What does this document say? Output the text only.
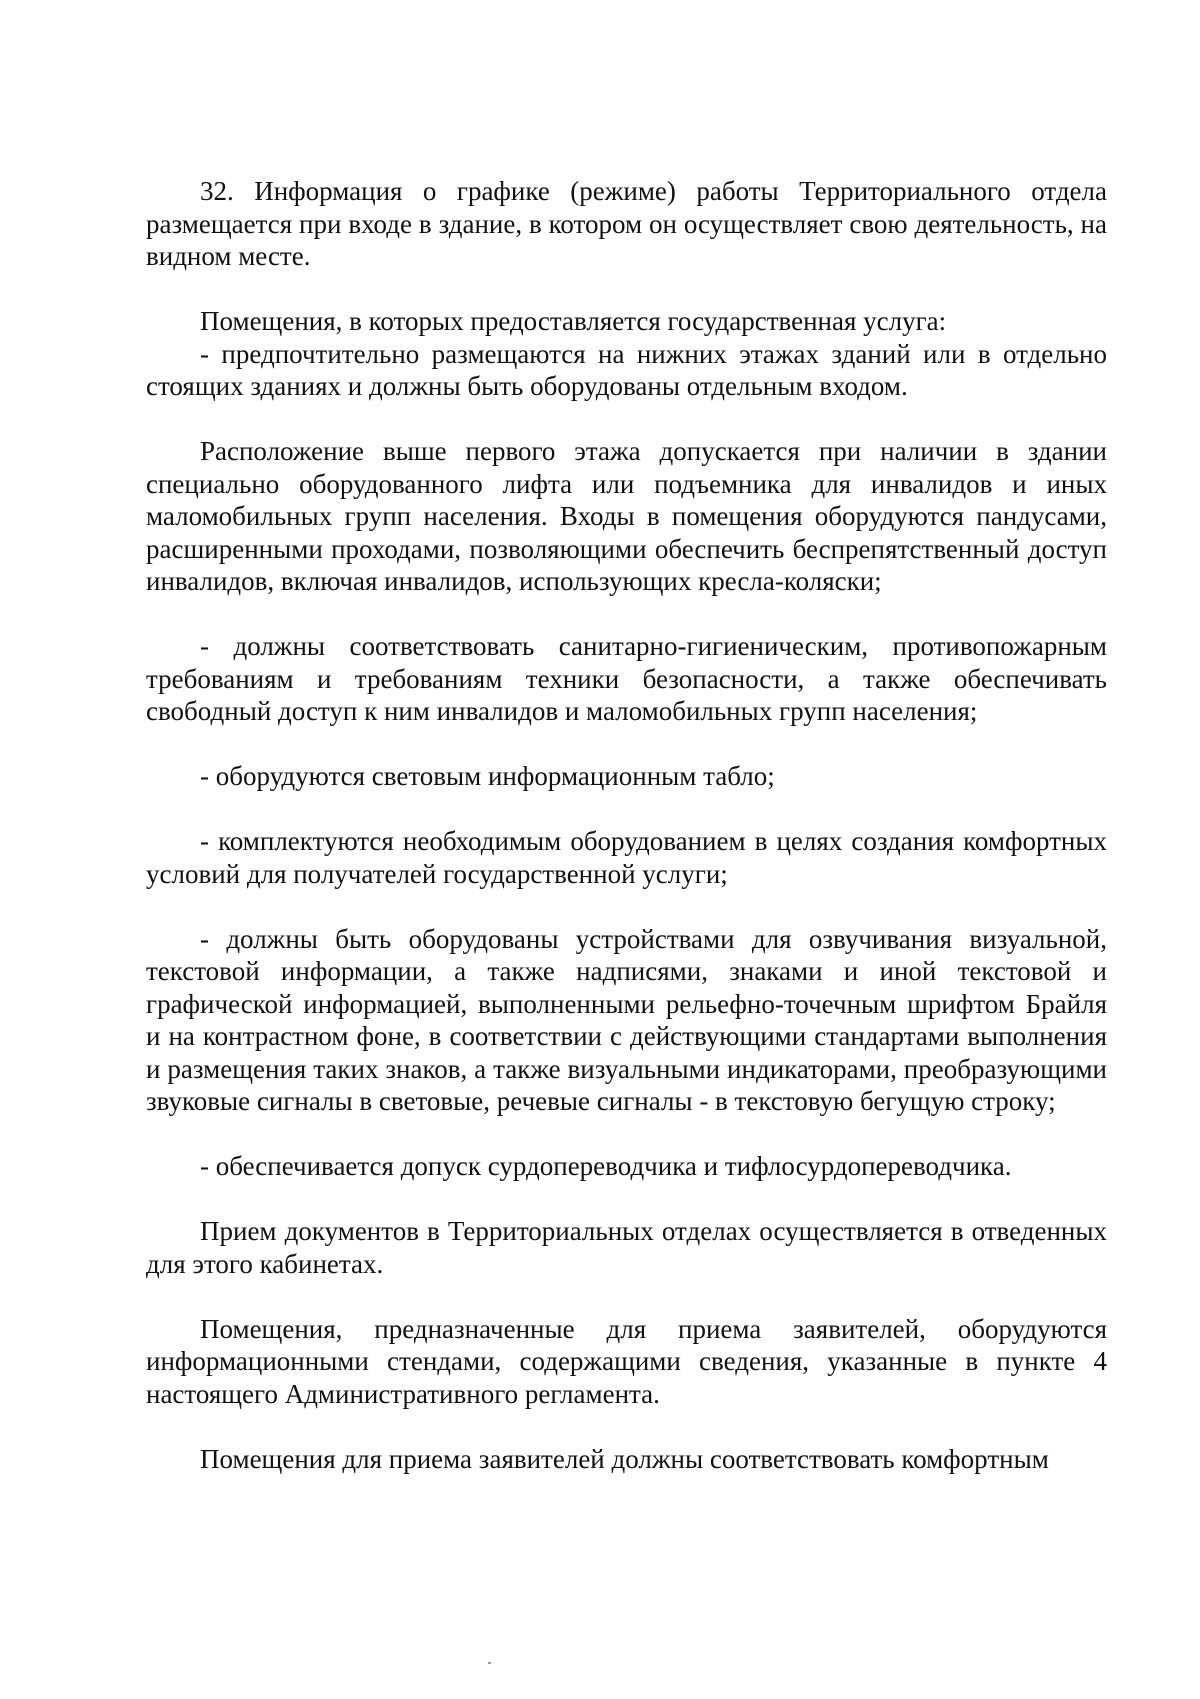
32. Информация о графике (режиме) работы Территориального отдела размещается при входе в здание, в котором он осуществляет свою деятельность, на видном месте.

Помещения, в которых предоставляется государственная услуга:

- предпочтительно размещаются на нижних этажах зданий или в отдельно стоящих зданиях и должны быть оборудованы отдельным входом.

Расположение выше первого этажа допускается при наличии в здании специально оборудованного лифта или подъемника для инвалидов и иных маломобильных групп населения. Входы в помещения оборудуются пандусами, расширенными проходами, позволяющими обеспечить беспрепятственный доступ инвалидов, включая инвалидов, использующих кресла-коляски;

- должны соответствовать санитарно-гигиеническим, противопожарным требованиям и требованиям техники безопасности, а также обеспечивать свободный доступ к ним инвалидов и маломобильных групп населения;

- оборудуются световым информационным табло;

- комплектуются необходимым оборудованием в целях создания комфортных условий для получателей государственной услуги;

- должны быть оборудованы устройствами для озвучивания визуальной, текстовой информации, а также надписями, знаками и иной текстовой и графической информацией, выполненными рельефно-точечным шрифтом Брайля и на контрастном фоне, в соответствии с действующими стандартами выполнения и размещения таких знаков, а также визуальными индикаторами, преобразующими звуковые сигналы в световые, речевые сигналы - в текстовую бегущую строку;

- обеспечивается допуск сурдопереводчика и тифлосурдопереводчика.

Прием документов в Территориальных отделах осуществляется в отведенных для этого кабинетах.

Помещения, предназначенные для приема заявителей, оборудуются информационными стендами, содержащими сведения, указанные в пункте 4 настоящего Административного регламента.

Помещения для приема заявителей должны соответствовать комфортным
